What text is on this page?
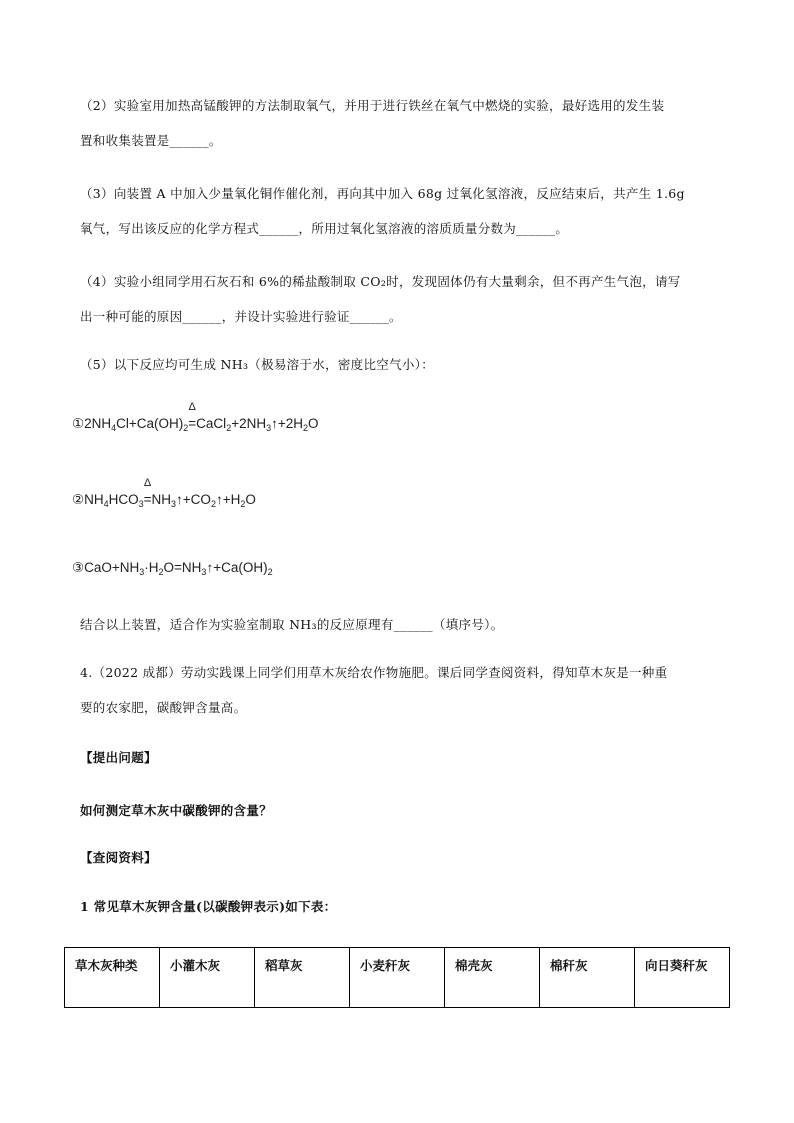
（2）实验室用加热高锰酸钾的方法制取氧气，并用于进行铁丝在氧气中燃烧的实验，最好选用的发生装
置和收集装置是______。
（3）向装置 A 中加入少量氧化铜作催化剂，再向其中加入 68g 过氧化氢溶液，反应结束后，共产生 1.6g
氧气，写出该反应的化学方程式______，所用过氧化氢溶液的溶质质量分数为______。
（4）实验小组同学用石灰石和 6%的稀盐酸制取 CO₂时，发现固体仍有大量剩余，但不再产生气泡，请写
出一种可能的原因______，并设计实验进行验证______。
（5）以下反应均可生成 NH₃（极易溶于水，密度比空气小）：
$①2NH_4Cl+Ca(OH)_2$
Δ
$=CaCl_2+2NH_3↑+2H_2O$
$②NH_4HCO_3$
Δ
$=NH_3↑+CO_2↑+H_2O$
$③CaO+NH_3\cdot H_2O=NH_3↑+Ca(OH)_2$
结合以上装置，适合作为实验室制取 NH₃的反应原理有______（填序号）。
4.（2022 成都）劳动实践课上同学们用草木灰给农作物施肥。课后同学查阅资料，得知草木灰是一种重
要的农家肥，碳酸钾含量高。
【提出问题】
如何测定草木灰中碳酸钾的含量？
【查阅资料】
1 常见草木灰钾含量(以碳酸钾表示)如下表：
草木灰种类	小灌木灰	稻草灰	小麦秆灰	棉壳灰	棉秆灰	向日葵秆灰
